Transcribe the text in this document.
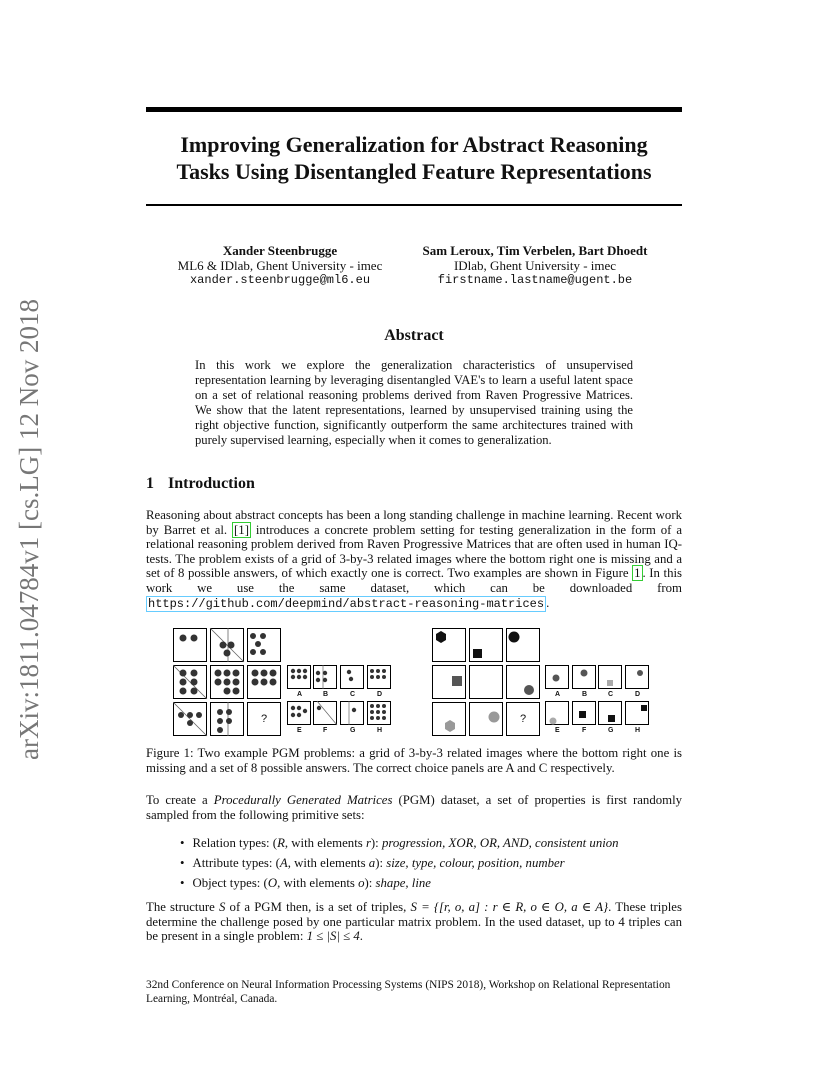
arXiv:1811.04784v1 [cs.LG] 12 Nov 2018
Improving Generalization for Abstract Reasoning
Tasks Using Disentangled Feature Representations
Xander Steenbrugge
ML6 & IDlab, Ghent University - imec
xander.steenbrugge@ml6.eu
Sam Leroux, Tim Verbelen, Bart Dhoedt
IDlab, Ghent University - imec
firstname.lastname@ugent.be
Abstract
In this work we explore the generalization characteristics of unsupervised representation learning by leveraging disentangled VAE's to learn a useful latent space on a set of relational reasoning problems derived from Raven Progressive Matrices. We show that the latent representations, learned by unsupervised training using the right objective function, significantly outperform the same architectures trained with purely supervised learning, especially when it comes to generalization.
1 Introduction
Reasoning about abstract concepts has been a long standing challenge in machine learning. Recent work by Barret et al. [1] introduces a concrete problem setting for testing generalization in the form of a relational reasoning problem derived from Raven Progressive Matrices that are often used in human IQ-tests. The problem exists of a grid of 3-by-3 related images where the bottom right one is missing and a set of 8 possible answers, of which exactly one is correct. Two examples are shown in Figure 1 . In this work we use the same dataset, which can be downloaded from https://github.com/deepmind/abstract-reasoning-matrices .
?
A	B	C	D
E	F	G	H
?
A	B	C	D
E	F	G	H
Figure 1: Two example PGM problems: a grid of 3-by-3 related images where the bottom right one is missing and a set of 8 possible answers. The correct choice panels are A and C respectively.
To create a Procedurally Generated Matrices (PGM) dataset, a set of properties is first randomly sampled from the following primitive sets:
• Relation types: (R, with elements r): progression, XOR, OR, AND, consistent union
• Attribute types: (A, with elements a): size, type, colour, position, number
• Object types: (O, with elements o): shape, line
The structure S of a PGM then, is a set of triples, S = {[r, o, a] : r ∈ R, o ∈ O, a ∈ A}. These triples determine the challenge posed by one particular matrix problem. In the used dataset, up to 4 triples can be present in a single problem: 1 ≤ |S| ≤ 4.
32nd Conference on Neural Information Processing Systems (NIPS 2018), Workshop on Relational Representation Learning, Montréal, Canada.
